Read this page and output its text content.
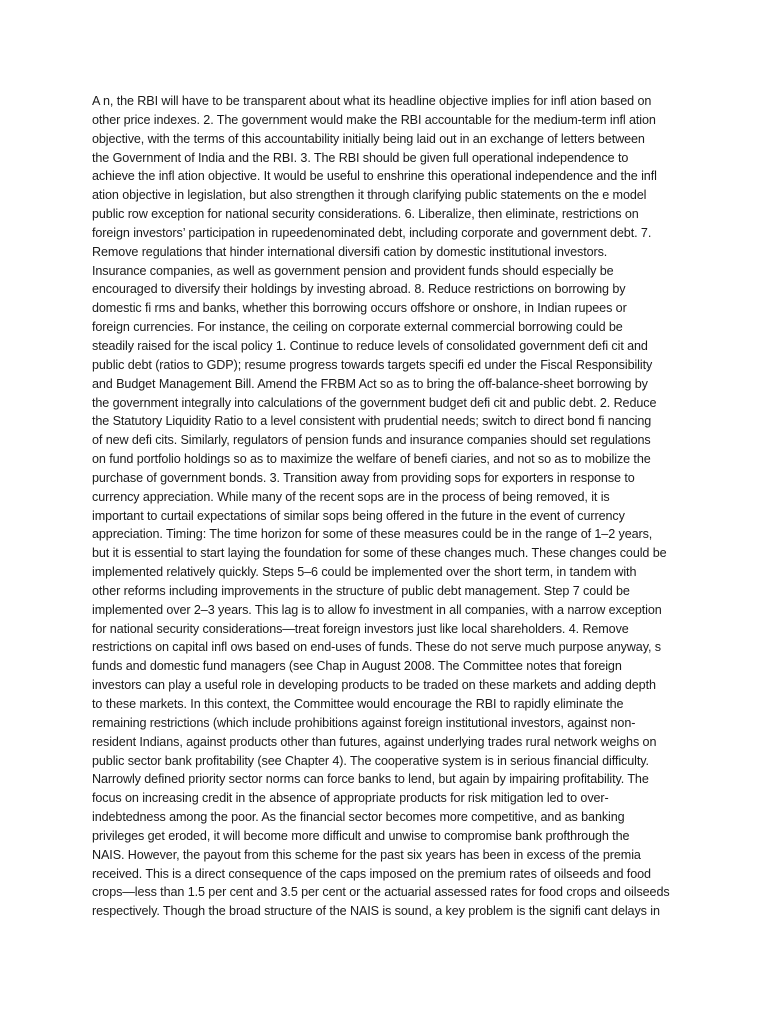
A n, the RBI will have to be transparent about what its headline objective implies for infl ation based on
other price indexes. 2. The government would make the RBI accountable for the medium-term infl ation
objective, with the terms of this accountability initially being laid out in an exchange of letters between
the Government of India and the RBI. 3. The RBI should be given full operational independence to
achieve the infl ation objective. It would be useful to enshrine this operational independence and the infl
ation objective in legislation, but also strengthen it through clarifying public statements on the e model
public row exception for national security considerations. 6. Liberalize, then eliminate, restrictions on
foreign investors’ participation in rupeedenominated debt, including corporate and government debt. 7.
Remove regulations that hinder international diversifi cation by domestic institutional investors.
Insurance companies, as well as government pension and provident funds should especially be
encouraged to diversify their holdings by investing abroad. 8. Reduce restrictions on borrowing by
domestic fi rms and banks, whether this borrowing occurs offshore or onshore, in Indian rupees or
foreign currencies. For instance, the ceiling on corporate external commercial borrowing could be
steadily raised for the iscal policy 1. Continue to reduce levels of consolidated government defi cit and
public debt (ratios to GDP); resume progress towards targets specifi ed under the Fiscal Responsibility
and Budget Management Bill. Amend the FRBM Act so as to bring the off-balance-sheet borrowing by
the government integrally into calculations of the government budget defi cit and public debt. 2. Reduce
the Statutory Liquidity Ratio to a level consistent with prudential needs; switch to direct bond fi nancing
of new defi cits. Similarly, regulators of pension funds and insurance companies should set regulations
on fund portfolio holdings so as to maximize the welfare of benefi ciaries, and not so as to mobilize the
purchase of government bonds. 3. Transition away from providing sops for exporters in response to
currency appreciation. While many of the recent sops are in the process of being removed, it is
important to curtail expectations of similar sops being offered in the future in the event of currency
appreciation. Timing: The time horizon for some of these measures could be in the range of 1–2 years,
but it is essential to start laying the foundation for some of these changes much. These changes could be
implemented relatively quickly. Steps 5–6 could be implemented over the short term, in tandem with
other reforms including improvements in the structure of public debt management. Step 7 could be
implemented over 2–3 years. This lag is to allow fo investment in all companies, with a narrow exception
for national security considerations—treat foreign investors just like local shareholders. 4. Remove
restrictions on capital infl ows based on end-uses of funds. These do not serve much purpose anyway, s
funds and domestic fund managers (see Chap in August 2008. The Committee notes that foreign
investors can play a useful role in developing products to be traded on these markets and adding depth
to these markets. In this context, the Committee would encourage the RBI to rapidly eliminate the
remaining restrictions (which include prohibitions against foreign institutional investors, against non-
resident Indians, against products other than futures, against underlying trades rural network weighs on
public sector bank profitability (see Chapter 4). The cooperative system is in serious financial difficulty.
Narrowly defined priority sector norms can force banks to lend, but again by impairing profitability. The
focus on increasing credit in the absence of appropriate products for risk mitigation led to over-
indebtedness among the poor. As the financial sector becomes more competitive, and as banking
privileges get eroded, it will become more difficult and unwise to compromise bank profthrough the
NAIS. However, the payout from this scheme for the past six years has been in excess of the premia
received. This is a direct consequence of the caps imposed on the premium rates of oilseeds and food
crops—less than 1.5 per cent and 3.5 per cent or the actuarial assessed rates for food crops and oilseeds
respectively. Though the broad structure of the NAIS is sound, a key problem is the signifi cant delays in
